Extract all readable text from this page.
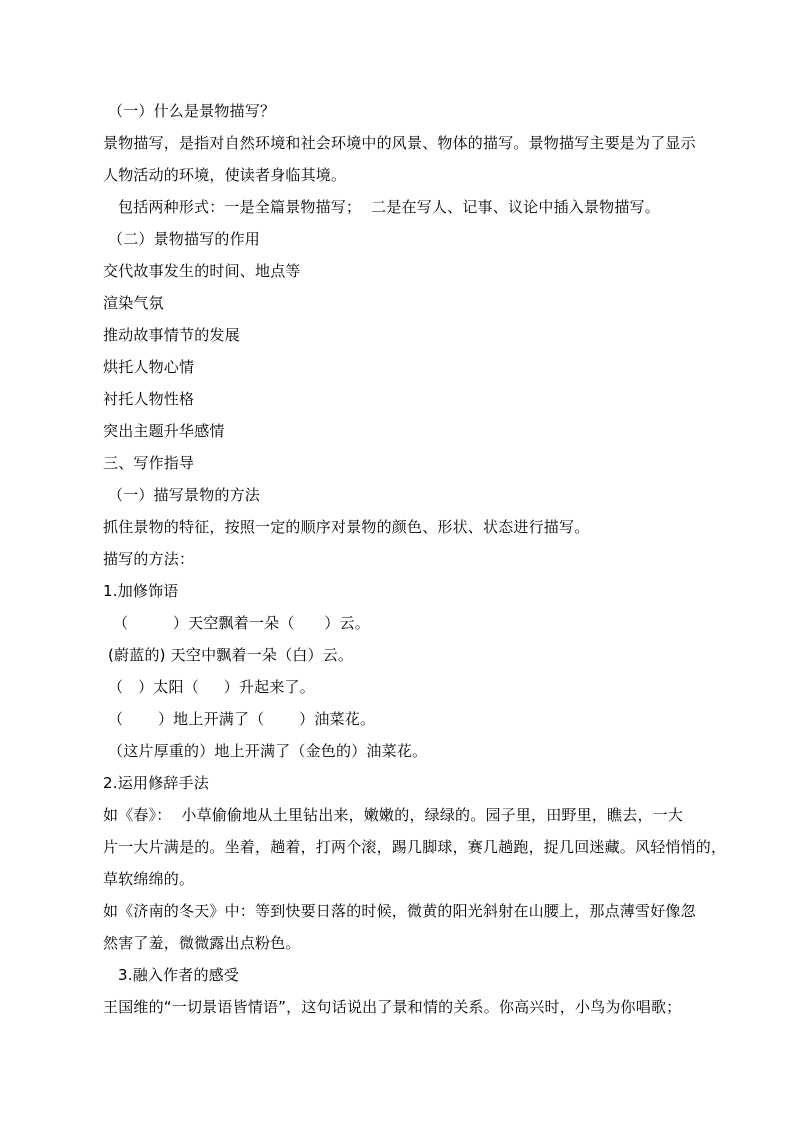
（一）什么是景物描写？
景物描写，是指对自然环境和社会环境中的风景、物体的描写。景物描写主要是为了显示
人物活动的环境，使读者身临其境。
包括两种形式：一是全篇景物描写；  二是在写人、记事、议论中插入景物描写。
（二）景物描写的作用
交代故事发生的时间、地点等
渲染气氛
推动故事情节的发展
烘托人物心情
衬托人物性格
突出主题升华感情
三、写作指导
（一）描写景物的方法
抓住景物的特征，按照一定的顺序对景物的颜色、形状、状态进行描写。
描写的方法：
1.加修饰语
（         ）天空飘着一朵（      ）云。
(蔚蓝的) 天空中飘着一朵（白）云。
（   ）太阳（     ）升起来了。
（       ）地上开满了（       ）油菜花。
（这片厚重的）地上开满了（金色的）油菜花。
2.运用修辞手法
如《春》：  小草偷偷地从土里钻出来，嫩嫩的，绿绿的。园子里，田野里，瞧去，一大
片一大片满是的。坐着，趟着，打两个滚，踢几脚球，赛几趟跑，捉几回迷藏。风轻悄悄的，
草软绵绵的。
如《济南的冬天》中：等到快要日落的时候，微黄的阳光斜射在山腰上，那点薄雪好像忽
然害了羞，微微露出点粉色。
3.融入作者的感受
王国维的“一切景语皆情语”，这句话说出了景和情的关系。你高兴时，小鸟为你唱歌；
